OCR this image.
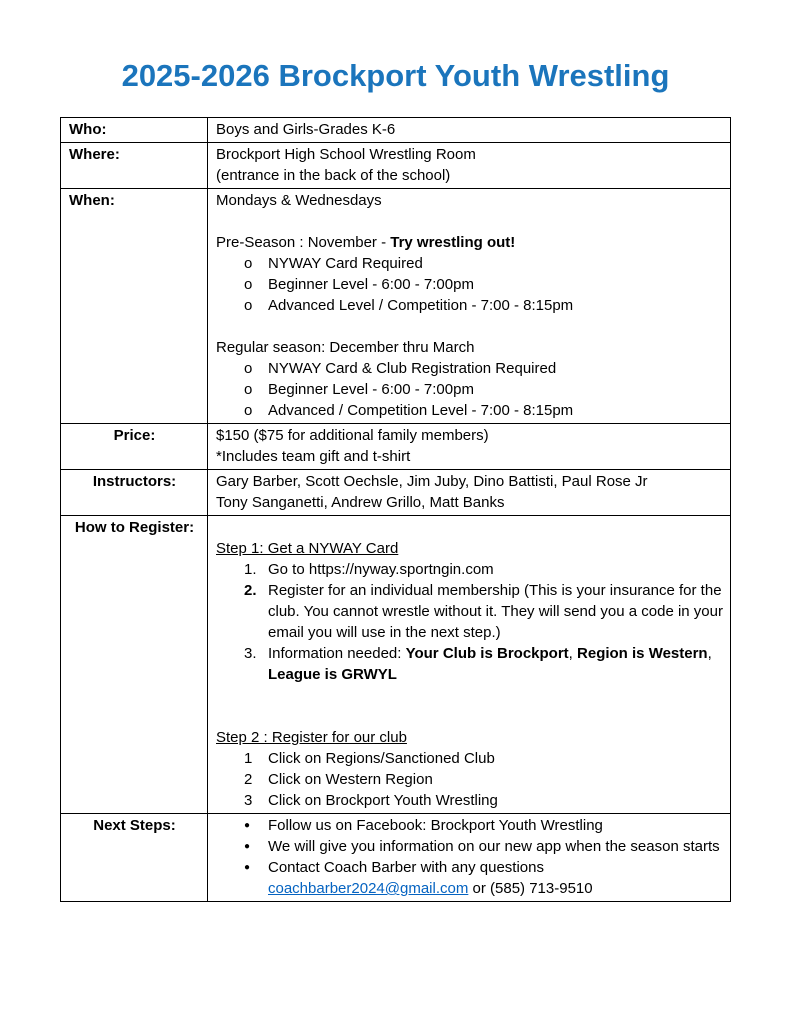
2025-2026 Brockport Youth Wrestling
Who:	Boys and Girls-Grades K-6
Where:	Brockport High School Wrestling Room
(entrance in the back of the school)

When:	Mondays & Wednesdays
Pre-Season : November - Try wrestling out!
o	NYWAY Card Required
o	Beginner Level - 6:00 - 7:00pm
o	Advanced Level / Competition - 7:00 - 8:15pm
Regular season: December thru March
o	NYWAY Card & Club Registration Required
o	Beginner Level - 6:00 - 7:00pm
o	Advanced / Competition Level - 7:00 - 8:15pm

Price:	$150 ($75 for additional family members)
*Includes team gift and t-shirt

Instructors:	Gary Barber, Scott Oechsle, Jim Juby, Dino Battisti, Paul Rose Jr
Tony Sanganetti, Andrew Grillo, Matt Banks

How to Register:	
Step 1: Get a NYWAY Card
1. Go to https://nyway.sportngin.com
2. Register for an individual membership (This is your insurance for the club. You cannot wrestle without it. They will send you a code in your email you will use in the next step.)
3. Information needed: Your Club is Brockport, Region is Western, League is GRWYL
Step 2 : Register for our club
1	Click on Regions/Sanctioned Club
2	Click on Western Region
3	Click on Brockport Youth Wrestling

Next Steps:	●	Follow us on Facebook: Brockport Youth Wrestling
●	We will give you information on our new app when the season starts
●	Contact Coach Barber with any questions
coachbarber2024@gmail.com or (585) 713-9510
